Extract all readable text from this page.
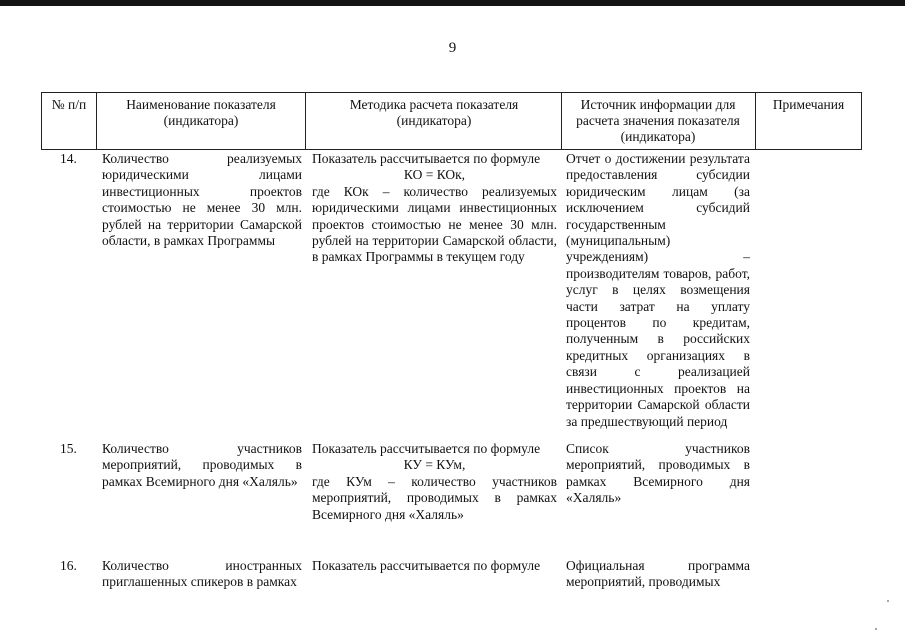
9
№ п/п	Наименование показателя (индикатора)
Методика расчета показателя (индикатора)
Источник информации для расчета значения показателя (индикатора)
Примечания
14. Количество реализуемых юридическими лицами инвестиционных проектов стоимостью не менее 30 млн. рублей на территории Самарской области, в рамках Программы
Показатель рассчитывается по формуле
КО = КОк,
где КОк – количество реализуемых юридическими лицами инвестиционных проектов стоимостью не менее 30 млн. рублей на территории Самарской области, в рамках Программы в текущем году
Отчет о достижении результата предоставления субсидии юридическим лицам (за исключением субсидий государственным (муниципальным) учреждениям) – производителям товаров, работ, услуг в целях возмещения части затрат на уплату процентов по кредитам, полученным в российских кредитных организациях в связи с реализацией инвестиционных проектов на территории Самарской области за предшествующий период
15. Количество участников мероприятий, проводимых в рамках Всемирного дня «Халяль»
Показатель рассчитывается по формуле
КУ = КУм,
где КУм – количество участников мероприятий, проводимых в рамках Всемирного дня «Халяль»
Список участников мероприятий, проводимых в рамках Всемирного дня «Халяль»
16. Количество иностранных приглашенных спикеров в рамках
Показатель рассчитывается по формуле	Официальная программа мероприятий, проводимых
